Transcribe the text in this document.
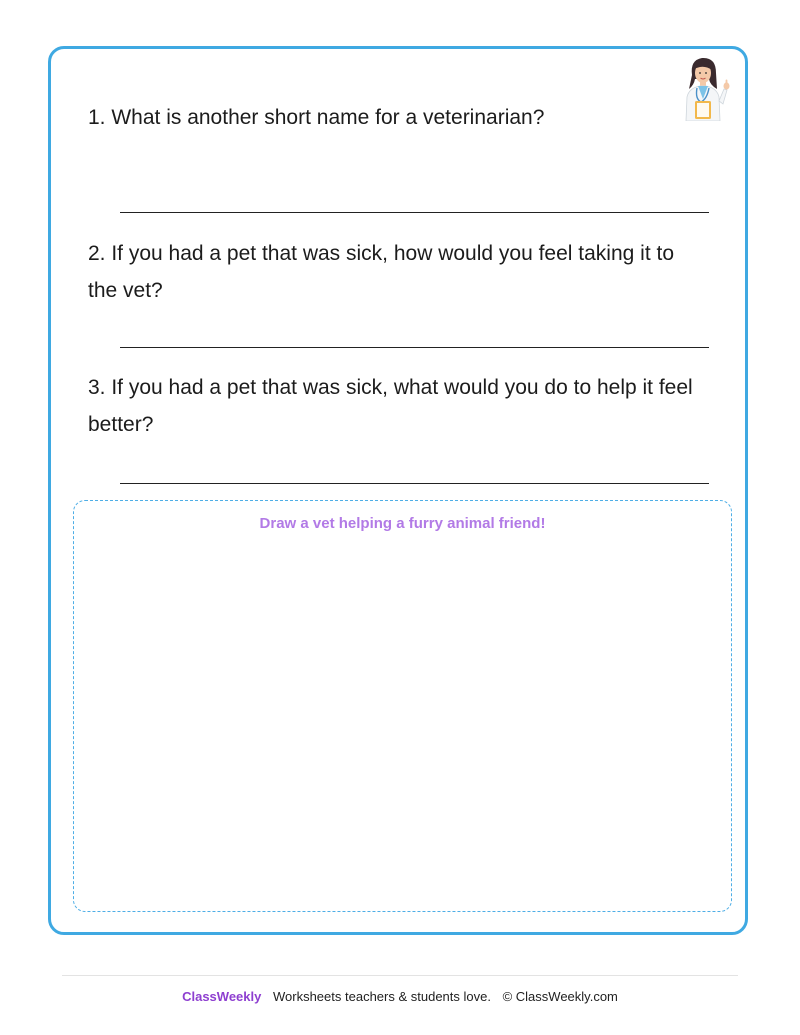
1. What is another short name for a veterinarian?

2. If you had a pet that was sick, how would you feel taking it to the vet?

3. If you had a pet that was sick, what would you do to help it feel better?

Draw a vet helping a furry animal friend!
ClassWeekly Worksheets teachers & students love. © ClassWeekly.com
